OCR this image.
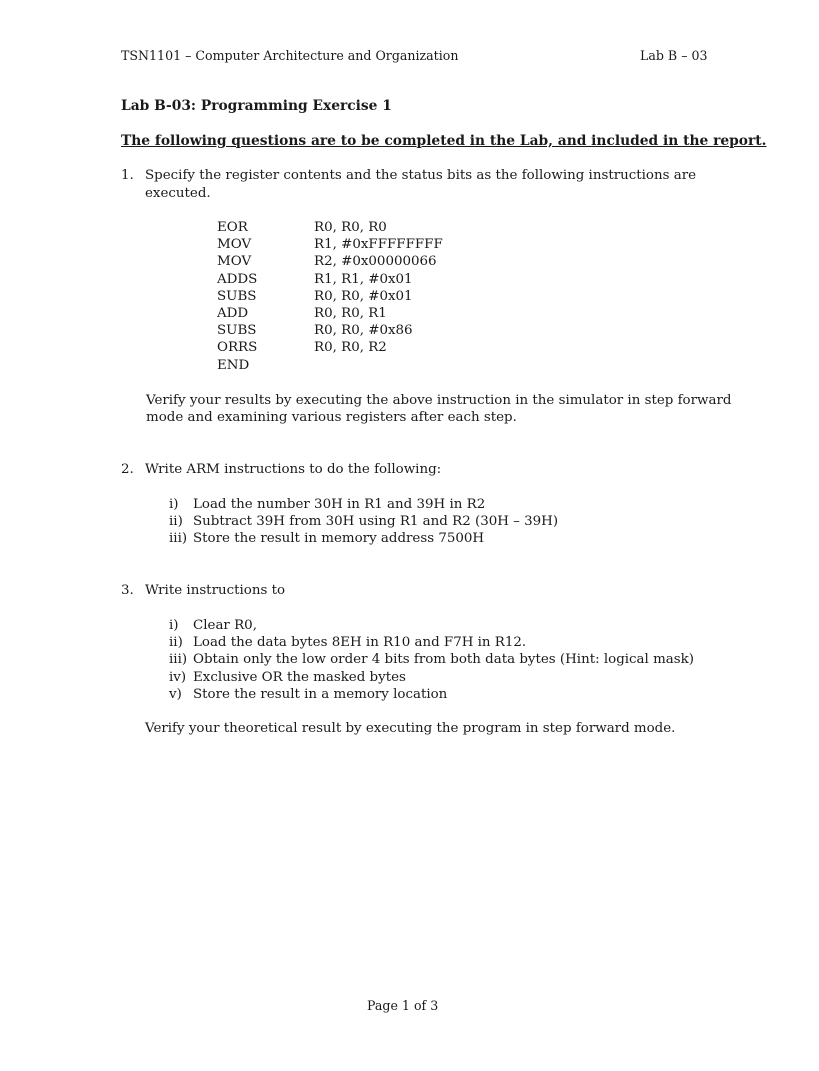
TSN1101 – Computer Architecture and Organization	Lab B – 03
Lab B-03: Programming Exercise 1
The following questions are to be completed in the Lab, and included in the report.
1. Specify the register contents and the status bits as the following instructions are
executed.
EOR	R0, R0, R0
MOV	R1, #0xFFFFFFFF
MOV	R2, #0x00000066
ADDS	R1, R1, #0x01
SUBS	R0, R0, #0x01
ADD	R0, R0, R1
SUBS	R0, R0, #0x86
ORRS	R0, R0, R2
END
Verify your results by executing the above instruction in the simulator in step forward
mode and examining various registers after each step.
2. Write ARM instructions to do the following:
i) Load the number 30H in R1 and 39H in R2
ii) Subtract 39H from 30H using R1 and R2 (30H – 39H)
iii) Store the result in memory address 7500H
3. Write instructions to
i) Clear R0,
ii) Load the data bytes 8EH in R10 and F7H in R12.
iii) Obtain only the low order 4 bits from both data bytes (Hint: logical mask)
iv) Exclusive OR the masked bytes
v) Store the result in a memory location
Verify your theoretical result by executing the program in step forward mode.
Page 1 of 3
